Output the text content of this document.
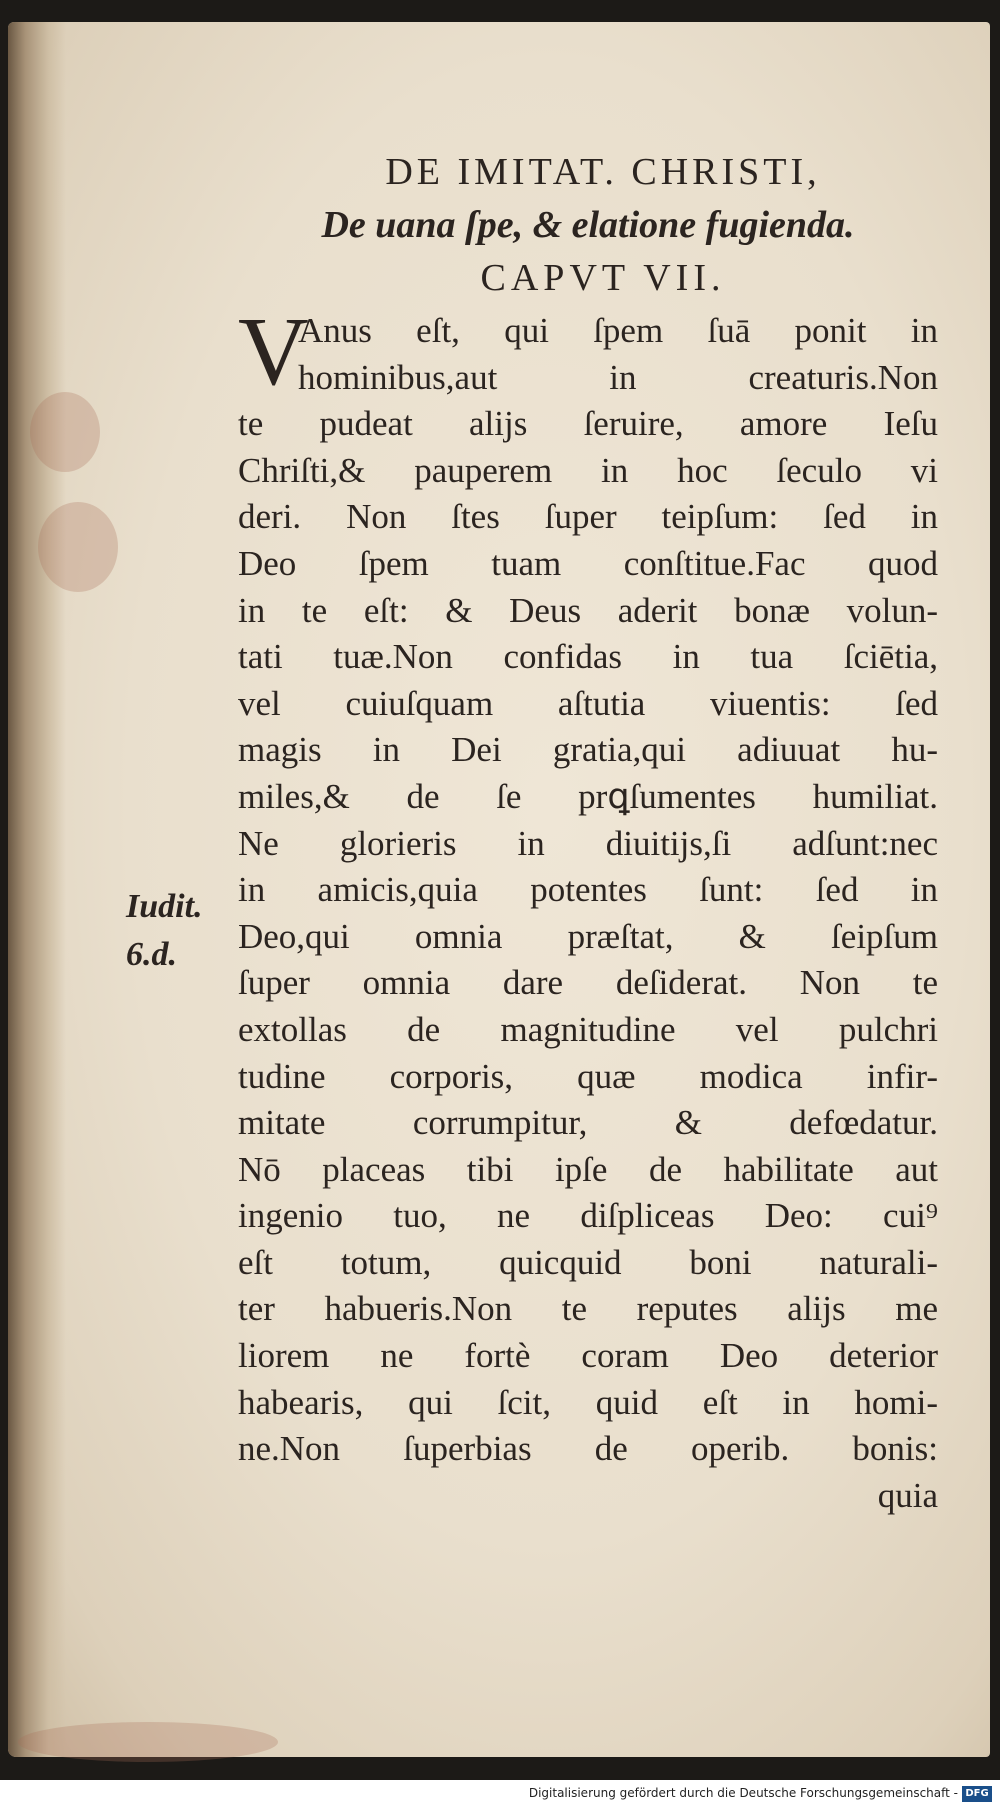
Iudit.
6.d.

DE IMITAT. CHRISTI,

De uana ſpe, & elatione fugienda.

CAPVT VII.

V
Anus eſt, qui ſpem ſuā ponit in
hominibus,aut in creaturis.Non
te pudeat alijs ſeruire, amore Ieſu
Chriſti,& pauperem in hoc ſeculo vi
deri. Non ſtes ſuper teipſum: ſed in
Deo ſpem tuam conſtitue.Fac quod
in te eſt: & Deus aderit bonæ volun-
tati tuæ.Non confidas in tua ſciētia,
vel cuiuſquam aſtutia viuentis: ſed
magis in Dei gratia,qui adiuuat hu-
miles,& de ſe prꝗſumentes humiliat.
Ne glorieris in diuitijs,ſi adſunt:nec
in amicis,quia potentes ſunt: ſed in
Deo,qui omnia præſtat, & ſeipſum
ſuper omnia dare deſiderat. Non te
extollas de magnitudine vel pulchri
tudine corporis, quæ modica infir-
mitate corrumpitur, & defœdatur.
Nō placeas tibi ipſe de habilitate aut
ingenio tuo, ne diſpliceas Deo: cui⁹
eſt totum, quicquid boni naturali-
ter habueris.Non te reputes alijs me
liorem ne fortè coram Deo deterior
habearis, qui ſcit, quid eſt in homi-
ne.Non ſuperbias de operib. bonis:
quia
Digitalisierung gefördert durch die Deutsche Forschungsgemeinschaft - DFG
